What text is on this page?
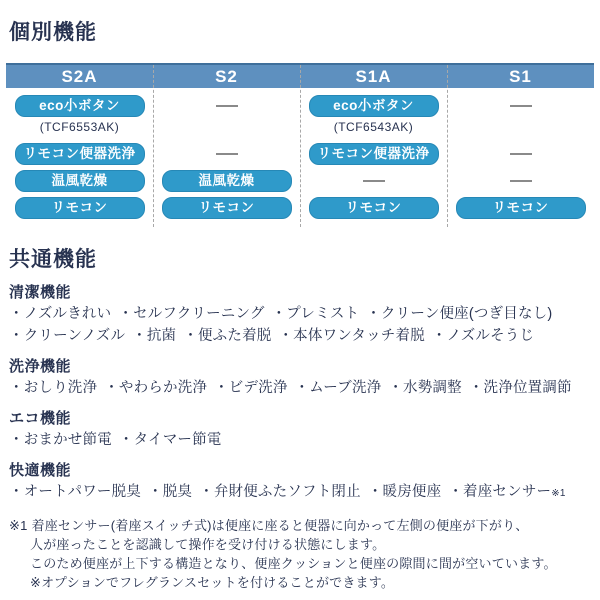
個別機能
S2A
eco小ボタン
(TCF6553AK)
リモコン便器洗浄
温風乾燥
リモコン
S2
温風乾燥
リモコン
S1A
eco小ボタン
(TCF6543AK)
リモコン便器洗浄
リモコン
S1
リモコン
共通機能
清潔機能
・ノズルきれい ・セルフクリーニング ・プレミスト ・クリーン便座(つぎ目なし)
・クリーンノズル ・抗菌 ・便ふた着脱 ・本体ワンタッチ着脱 ・ノズルそうじ
洗浄機能
・おしり洗浄 ・やわらか洗浄 ・ビデ洗浄 ・ムーブ洗浄 ・水勢調整 ・洗浄位置調節
エコ機能
・おまかせ節電 ・タイマー節電
快適機能
・オートパワー脱臭 ・脱臭 ・弁財便ふたソフト閉止 ・暖房便座 ・着座センサー※1
※1 着座センサー(着座スイッチ式)は便座に座ると便器に向かって左側の便座が下がり、
人が座ったことを認識して操作を受け付ける状態にします。
このため便座が上下する構造となり、便座クッションと便座の隙間に間が空いています。
※オプションでフレグランスセットを付けることができます。
